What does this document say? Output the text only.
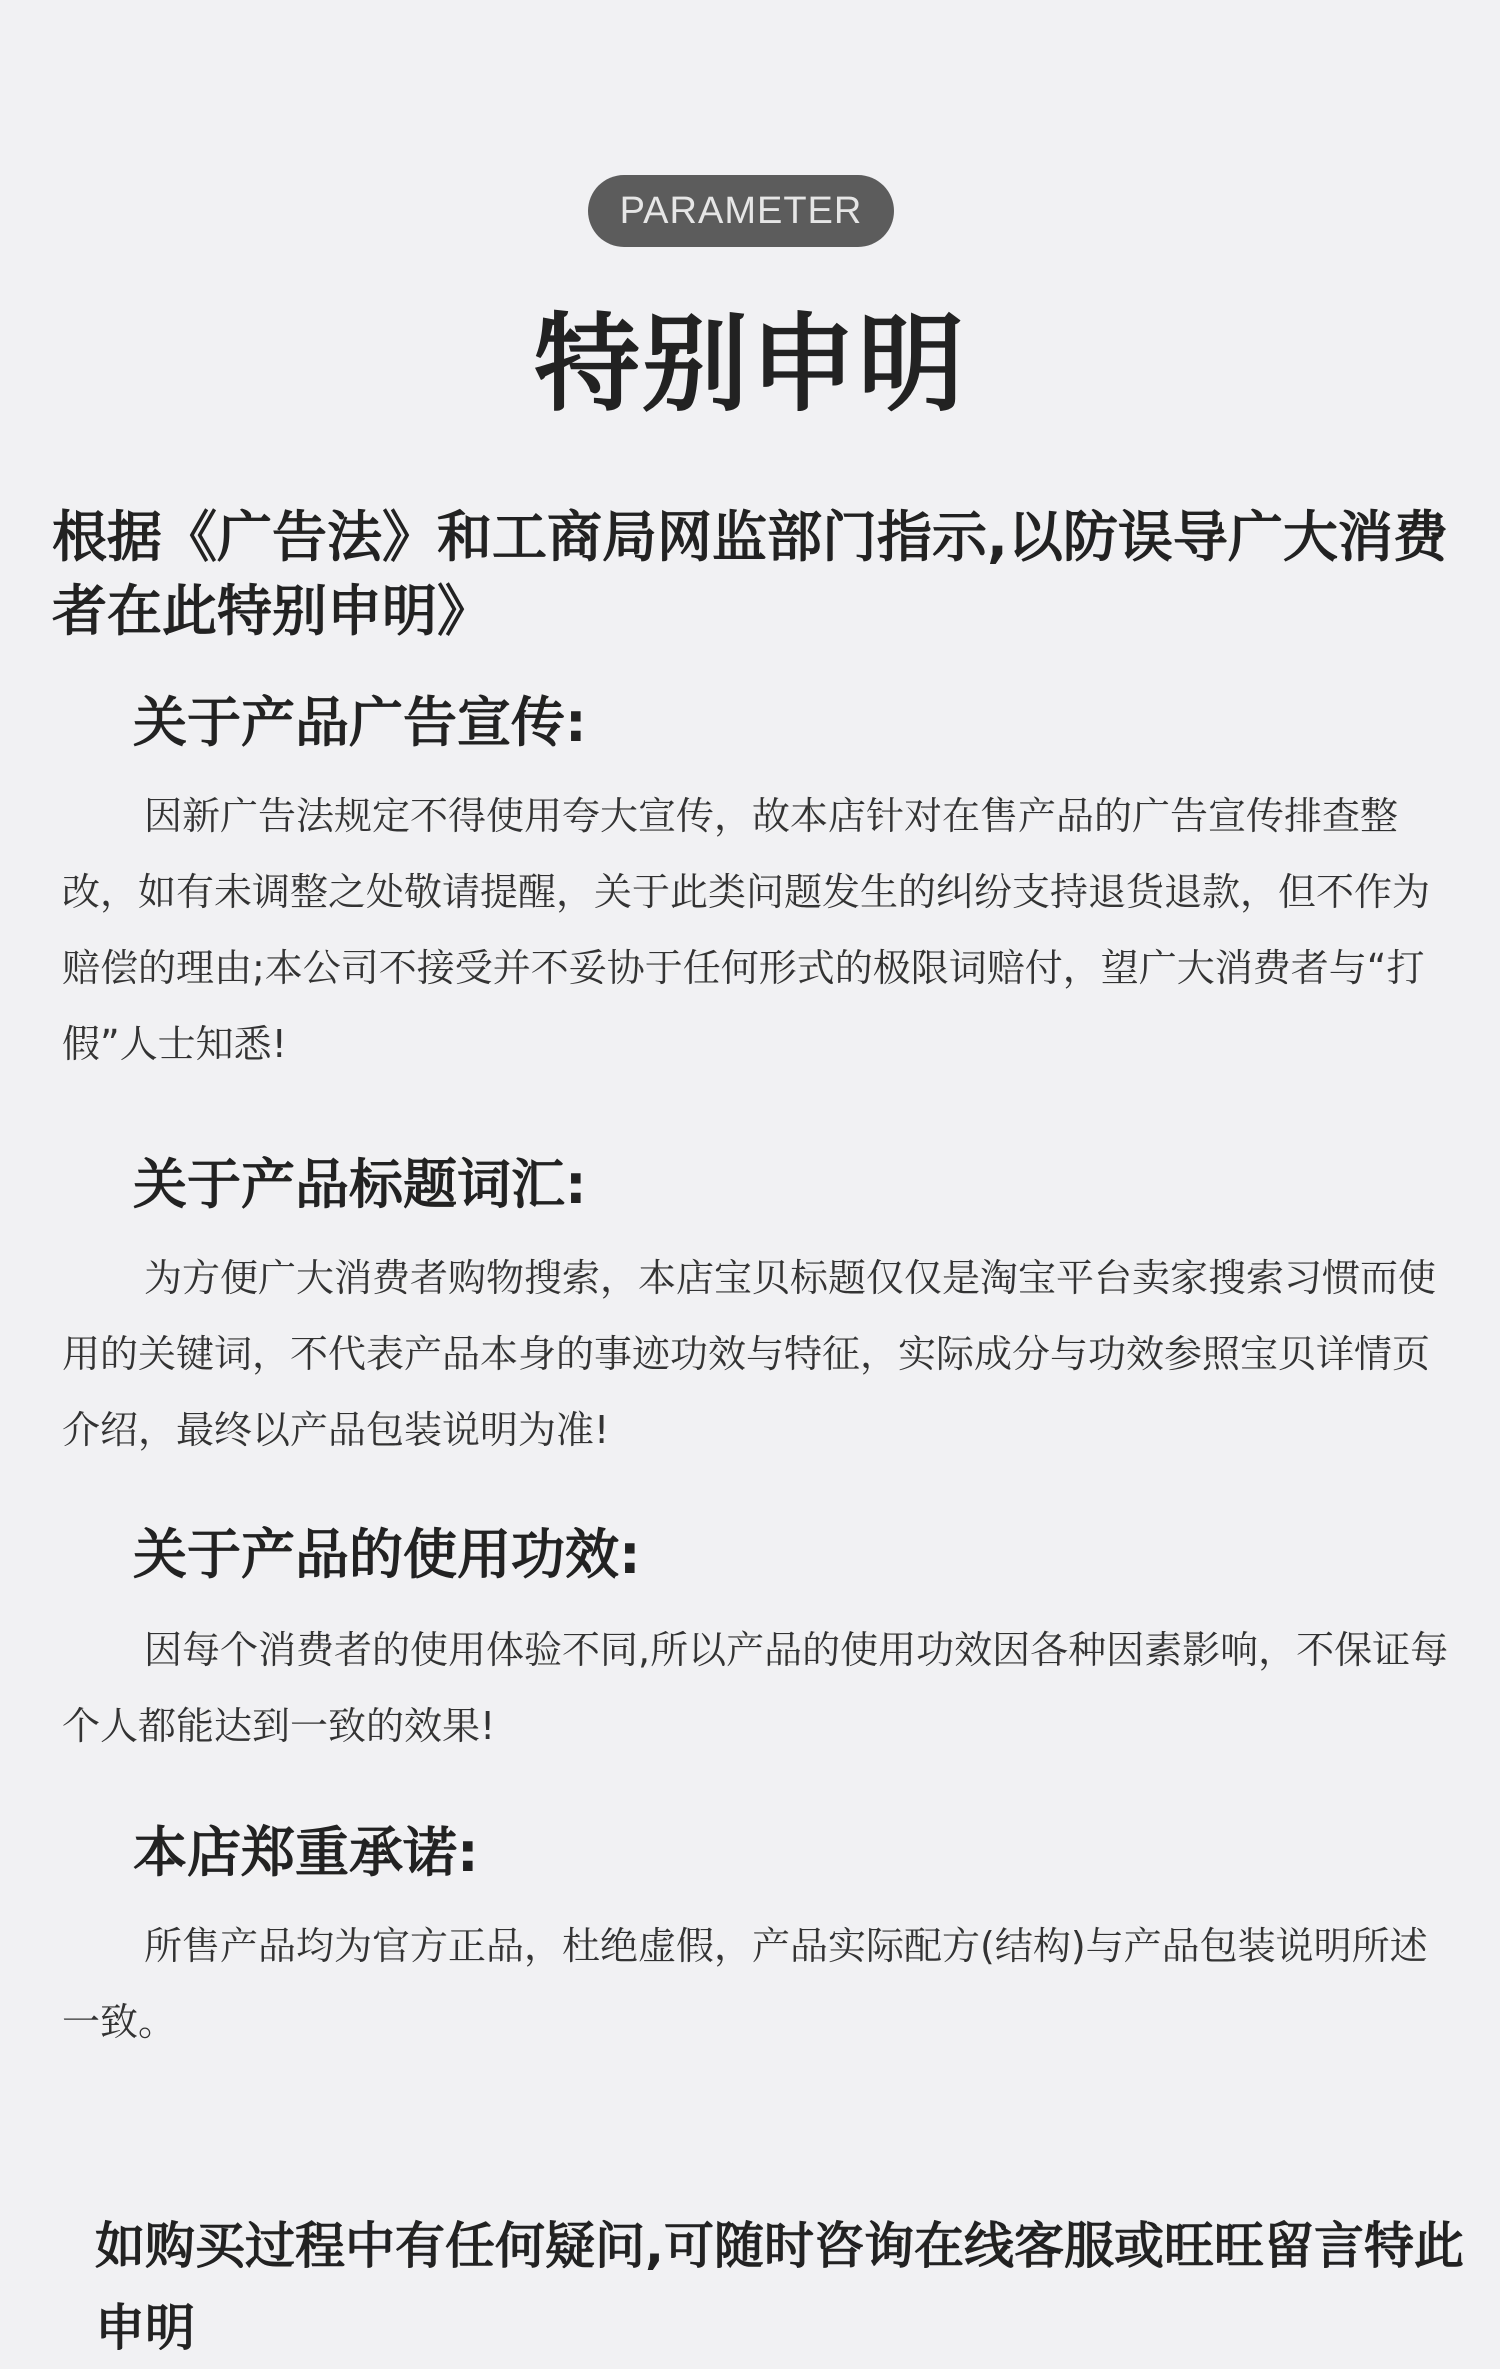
PARAMETER
特别申明
根据《广告法》和工商局网监部门指示,以防误导广大消费者在此特别申明》
关于产品广告宣传:
因新广告法规定不得使用夸大宣传，故本店针对在售产品的广告宣传排查整改，如有未调整之处敬请提醒，关于此类问题发生的纠纷支持退货退款，但不作为赔偿的理由;本公司不接受并不妥协于任何形式的极限词赔付，望广大消费者与“打假”人士知悉!
关于产品标题词汇:
为方便广大消费者购物搜索，本店宝贝标题仅仅是淘宝平台卖家搜索习惯而使用的关键词，不代表产品本身的事迹功效与特征，实际成分与功效参照宝贝详情页介绍，最终以产品包装说明为准!
关于产品的使用功效:
因每个消费者的使用体验不同,所以产品的使用功效因各种因素影响，不保证每个人都能达到一致的效果!
本店郑重承诺:
所售产品均为官方正品，杜绝虚假，产品实际配方(结构)与产品包装说明所述一致。
如购买过程中有任何疑问,可随时咨询在线客服或旺旺留言特此申明
